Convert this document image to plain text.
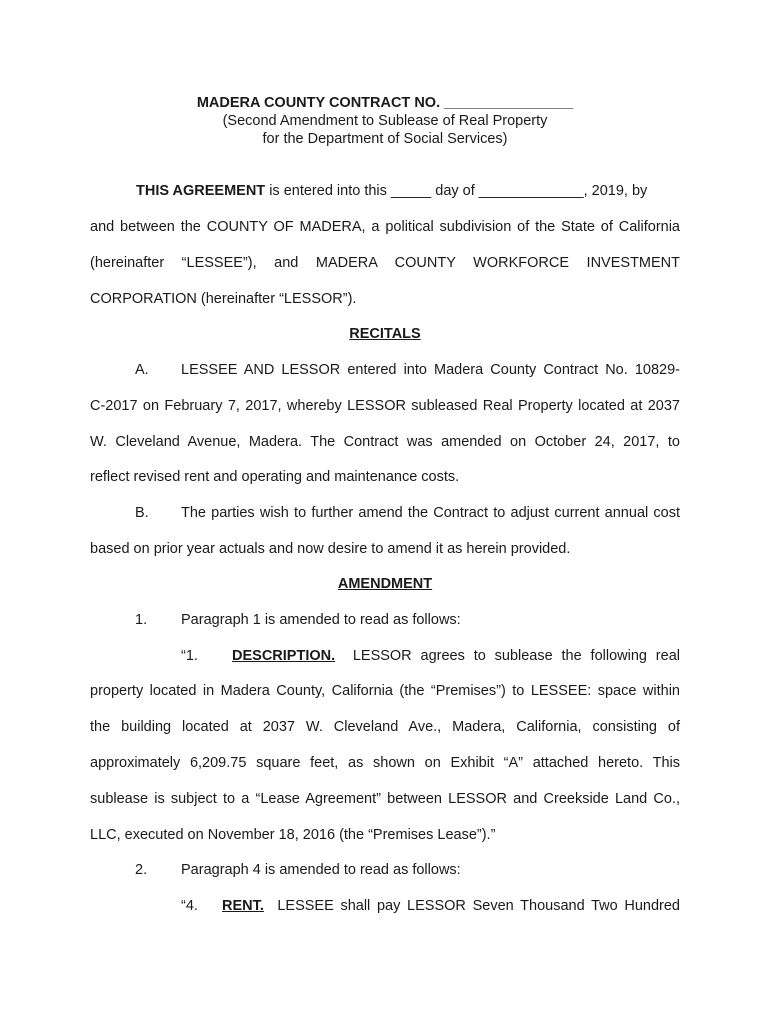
MADERA COUNTY CONTRACT NO. ________________
(Second Amendment to Sublease of Real Property
for the Department of Social Services)
THIS AGREEMENT is entered into this _____ day of _____________, 2019, by
and between the COUNTY OF MADERA, a political subdivision of the State of California
(hereinafter “LESSEE”), and MADERA COUNTY WORKFORCE INVESTMENT
CORPORATION (hereinafter “LESSOR”).
RECITALS
A. LESSEE AND LESSOR entered into Madera County Contract No. 10829-
C-2017 on February 7, 2017, whereby LESSOR subleased Real Property located at 2037
W. Cleveland Avenue, Madera. The Contract was amended on October 24, 2017, to
reflect revised rent and operating and maintenance costs.
B. The parties wish to further amend the Contract to adjust current annual cost
based on prior year actuals and now desire to amend it as herein provided.
AMENDMENT
1. Paragraph 1 is amended to read as follows:
“1. DESCRIPTION. LESSOR agrees to sublease the following real
property located in Madera County, California (the “Premises”) to LESSEE: space within
the building located at 2037 W. Cleveland Ave., Madera, California, consisting of
approximately 6,209.75 square feet, as shown on Exhibit “A” attached hereto. This
sublease is subject to a “Lease Agreement” between LESSOR and Creekside Land Co.,
LLC, executed on November 18, 2016 (the “Premises Lease”).”
2. Paragraph 4 is amended to read as follows:
“4. RENT. LESSEE shall pay LESSOR Seven Thousand Two Hundred
